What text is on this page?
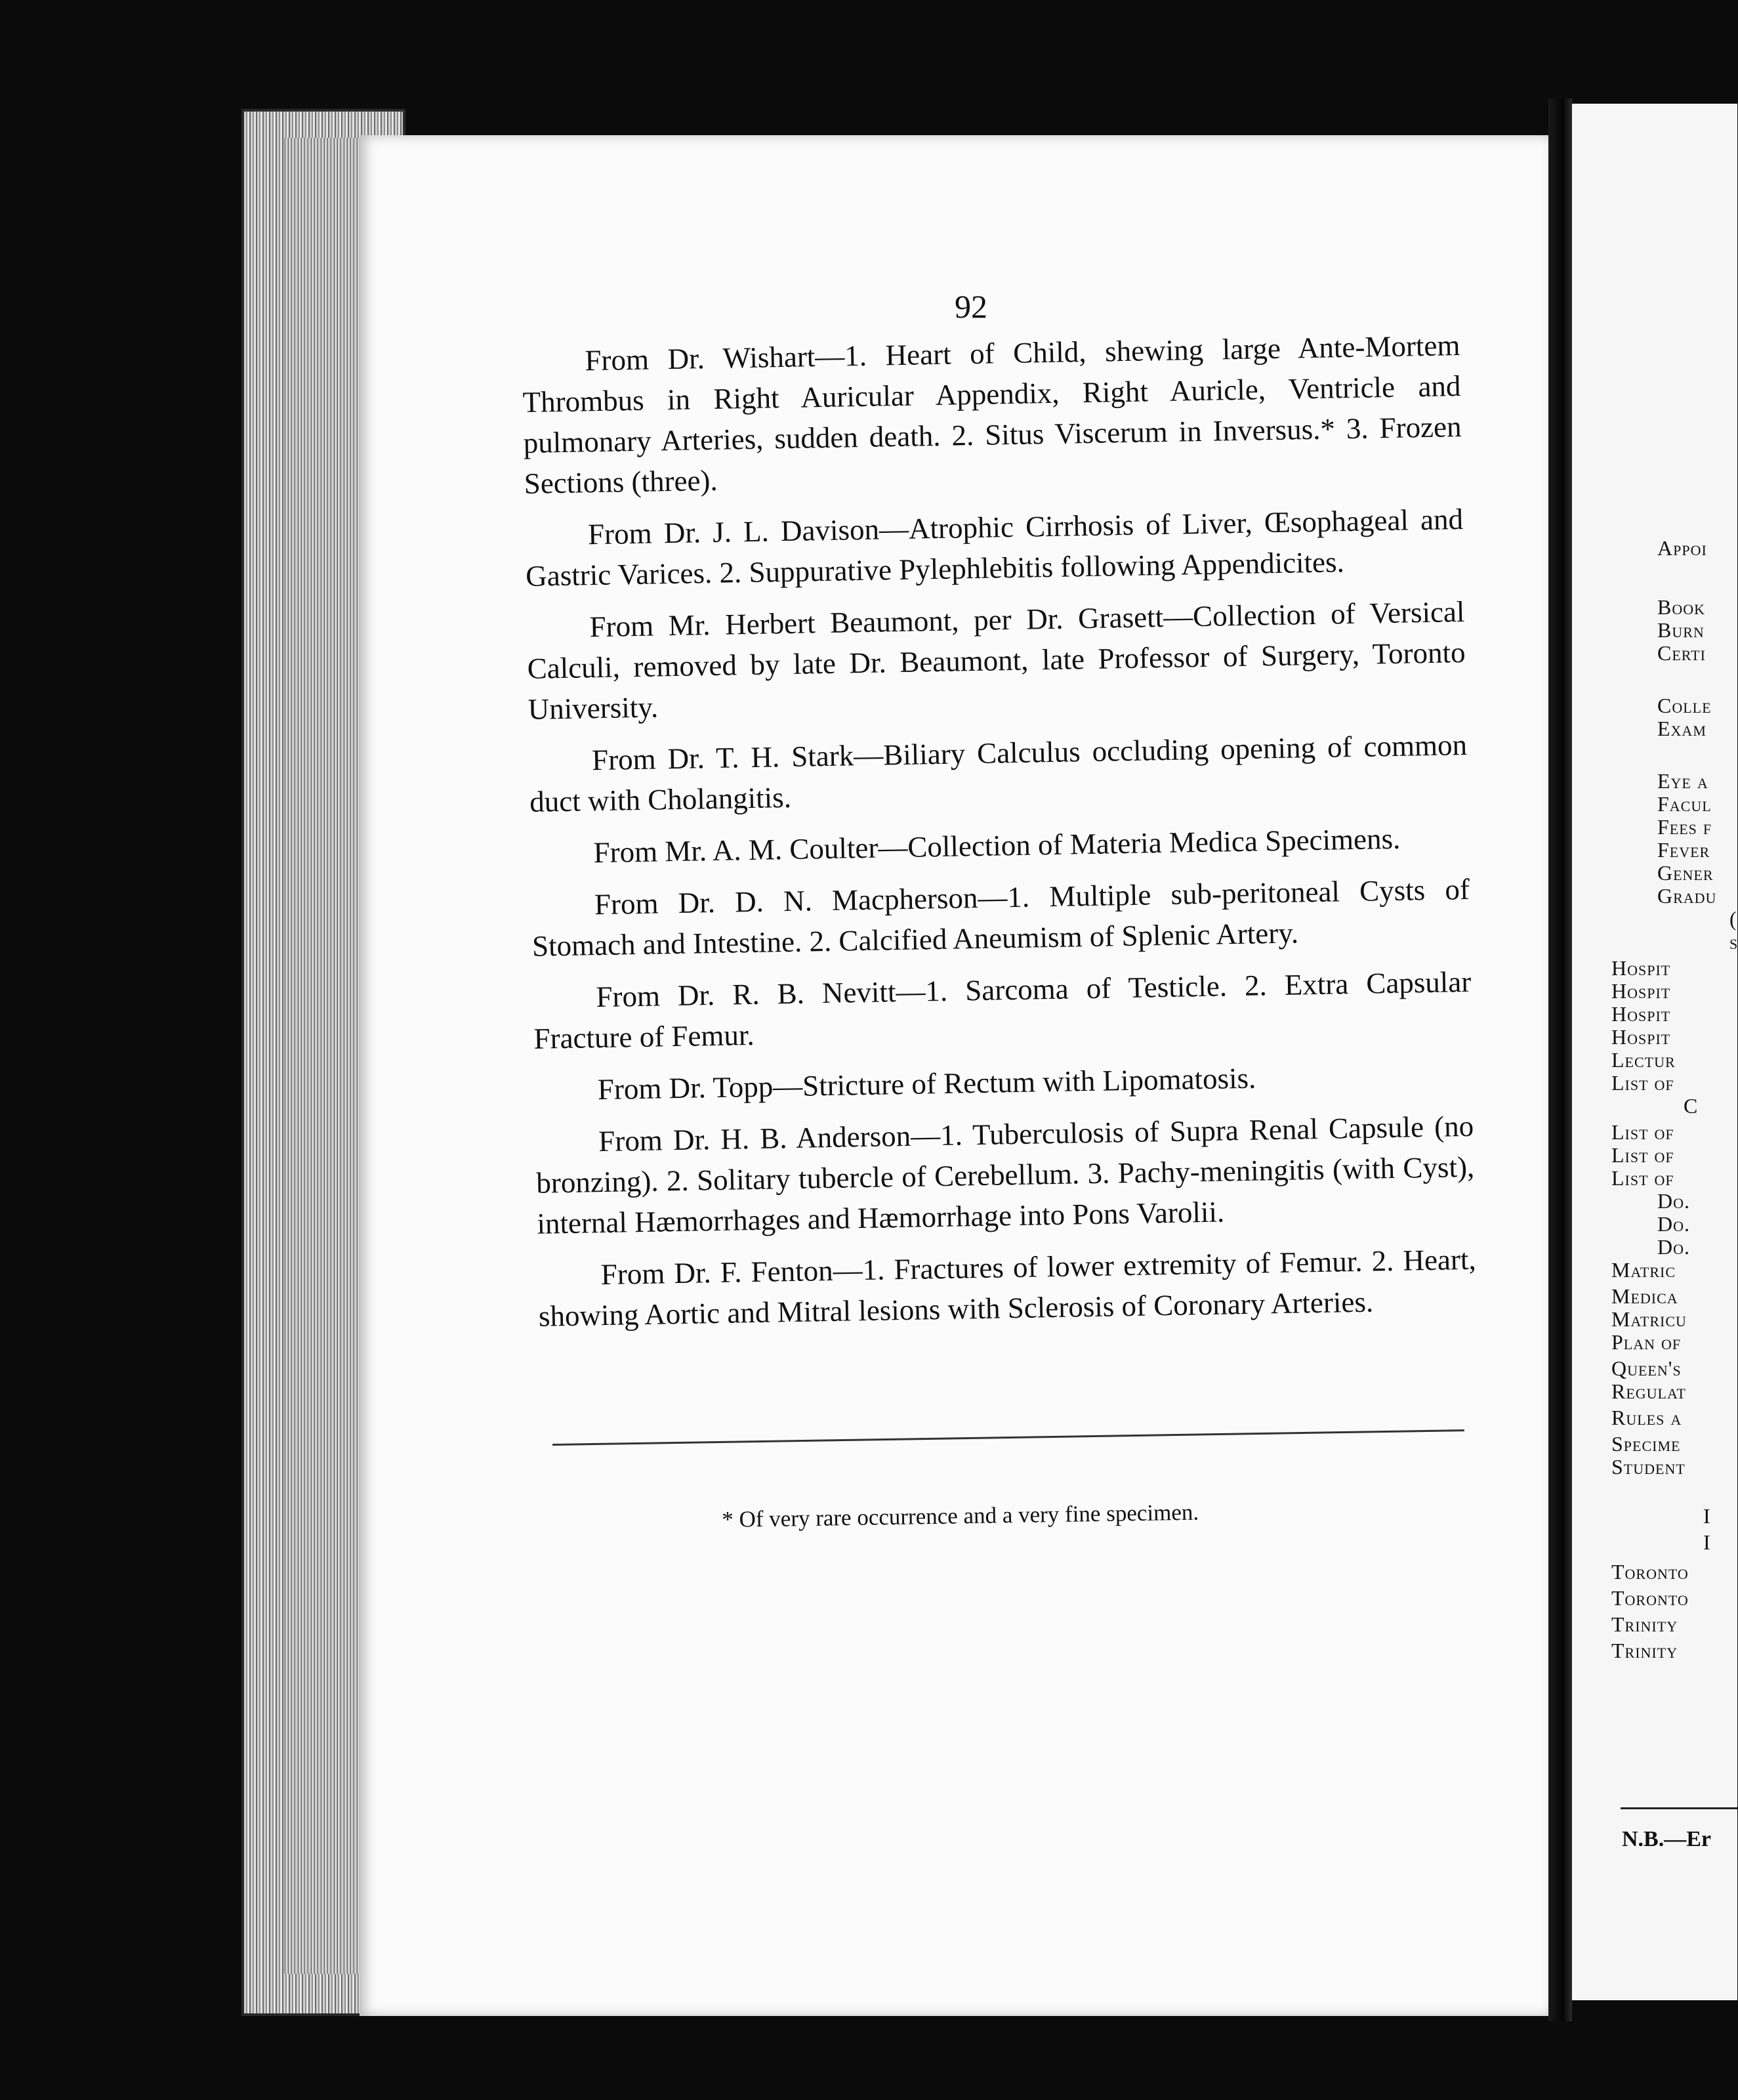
92

From Dr. Wishart—1. Heart of Child, shewing large Ante-Mortem Thrombus in Right Auricular Appendix, Right Auricle, Ventricle and pulmonary Arteries, sudden death. 2. Situs Viscerum in Inversus.* 3. Frozen Sections (three).

From Dr. J. L. Davison—Atrophic Cirrhosis of Liver, Œsophageal and Gastric Varices. 2. Suppurative Pylephlebitis following Appendicites.

From Mr. Herbert Beaumont, per Dr. Grasett—Collection of Versical Calculi, removed by late Dr. Beaumont, late Professor of Surgery, Toronto University.

From Dr. T. H. Stark—Biliary Calculus occluding opening of common duct with Cholangitis.

From Mr. A. M. Coulter—Collection of Materia Medica Specimens.

From Dr. D. N. Macpherson—1. Multiple sub-peritoneal Cysts of Stomach and Intestine. 2. Calcified Aneumism of Splenic Artery.

From Dr. R. B. Nevitt—1. Sarcoma of Testicle. 2. Extra Capsular Fracture of Femur.

From Dr. Topp—Stricture of Rectum with Lipomatosis.

From Dr. H. B. Anderson—1. Tuberculosis of Supra Renal Capsule (no bronzing). 2. Solitary tubercle of Cerebellum. 3. Pachy-meningitis (with Cyst), internal Hæmorrhages and Hæmorrhage into Pons Varolii.

From Dr. F. Fenton—1. Fractures of lower extremity of Femur. 2. Heart, showing Aortic and Mitral lesions with Sclerosis of Coronary Arteries.

* Of very rare occurrence and a very fine specimen.
Appoi
Book
Burn
Certi
Colle
Exam
Eye a
Facul
Fees f
Fever
Gener
Gradu
(
s
Hospit
Hospit
Hospit
Hospit
Lectur
List of
C
List of
List of
List of
Do.
Do.
Do.
Matric
Medica
Matricu
Plan of
Queen's
Regulat
Rules a
Specime
Student
I
I
Toronto
Toronto
Trinity
Trinity
N.B.—Er
